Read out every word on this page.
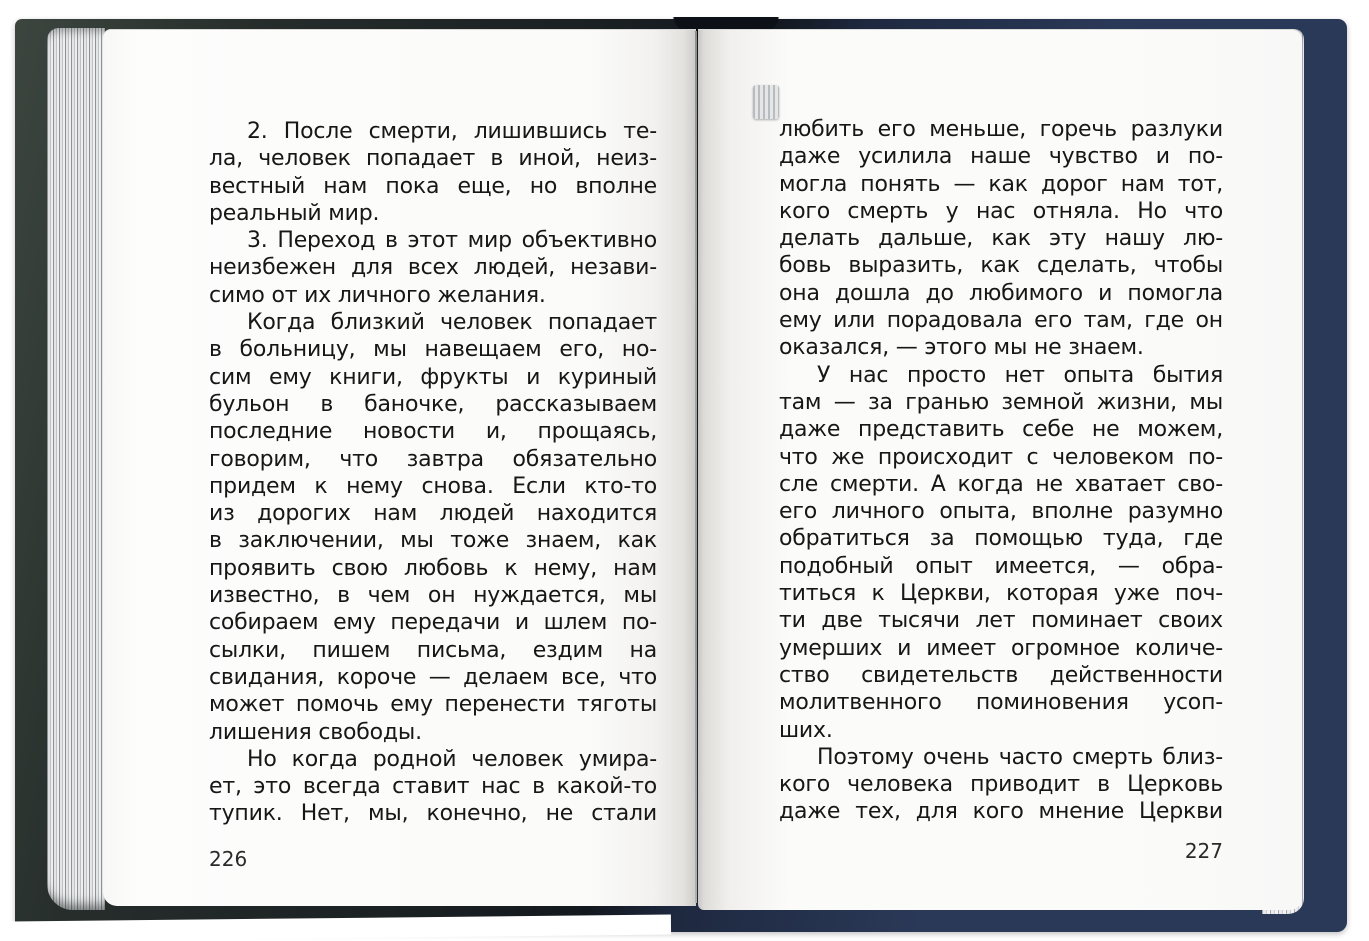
2. После смерти, лишившись те-
ла, человек попадает в иной, неиз-
вестный нам пока еще, но вполне
реальный мир.
3. Переход в этот мир объективно
неизбежен для всех людей, незави-
симо от их личного желания.
Когда близкий человек попадает
в больницу, мы навещаем его, но-
сим ему книги, фрукты и куриный
бульон в баночке, рассказываем
последние новости и, прощаясь,
говорим, что завтра обязательно
придем к нему снова. Если кто-то
из дорогих нам людей находится
в заключении, мы тоже знаем, как
проявить свою любовь к нему, нам
известно, в чем он нуждается, мы
собираем ему передачи и шлем по-
сылки, пишем письма, ездим на
свидания, короче — делаем все, что
может помочь ему перенести тяготы
лишения свободы.
Но когда родной человек умира-
ет, это всегда ставит нас в какой-то
тупик. Нет, мы, конечно, не стали
226
любить его меньше, горечь разлуки
даже усилила наше чувство и по-
могла понять — как дорог нам тот,
кого смерть у нас отняла. Но что
делать дальше, как эту нашу лю-
бовь выразить, как сделать, чтобы
она дошла до любимого и помогла
ему или порадовала его там, где он
оказался, — этого мы не знаем.
У нас просто нет опыта бытия
там — за гранью земной жизни, мы
даже представить себе не можем,
что же происходит с человеком по-
сле смерти. А когда не хватает сво-
его личного опыта, вполне разумно
обратиться за помощью туда, где
подобный опыт имеется, — обра-
титься к Церкви, которая уже поч-
ти две тысячи лет поминает своих
умерших и имеет огромное количе-
ство свидетельств действенности
молитвенного поминовения усоп-
ших.
Поэтому очень часто смерть близ-
кого человека приводит в Церковь
даже тех, для кого мнение Церкви
227
